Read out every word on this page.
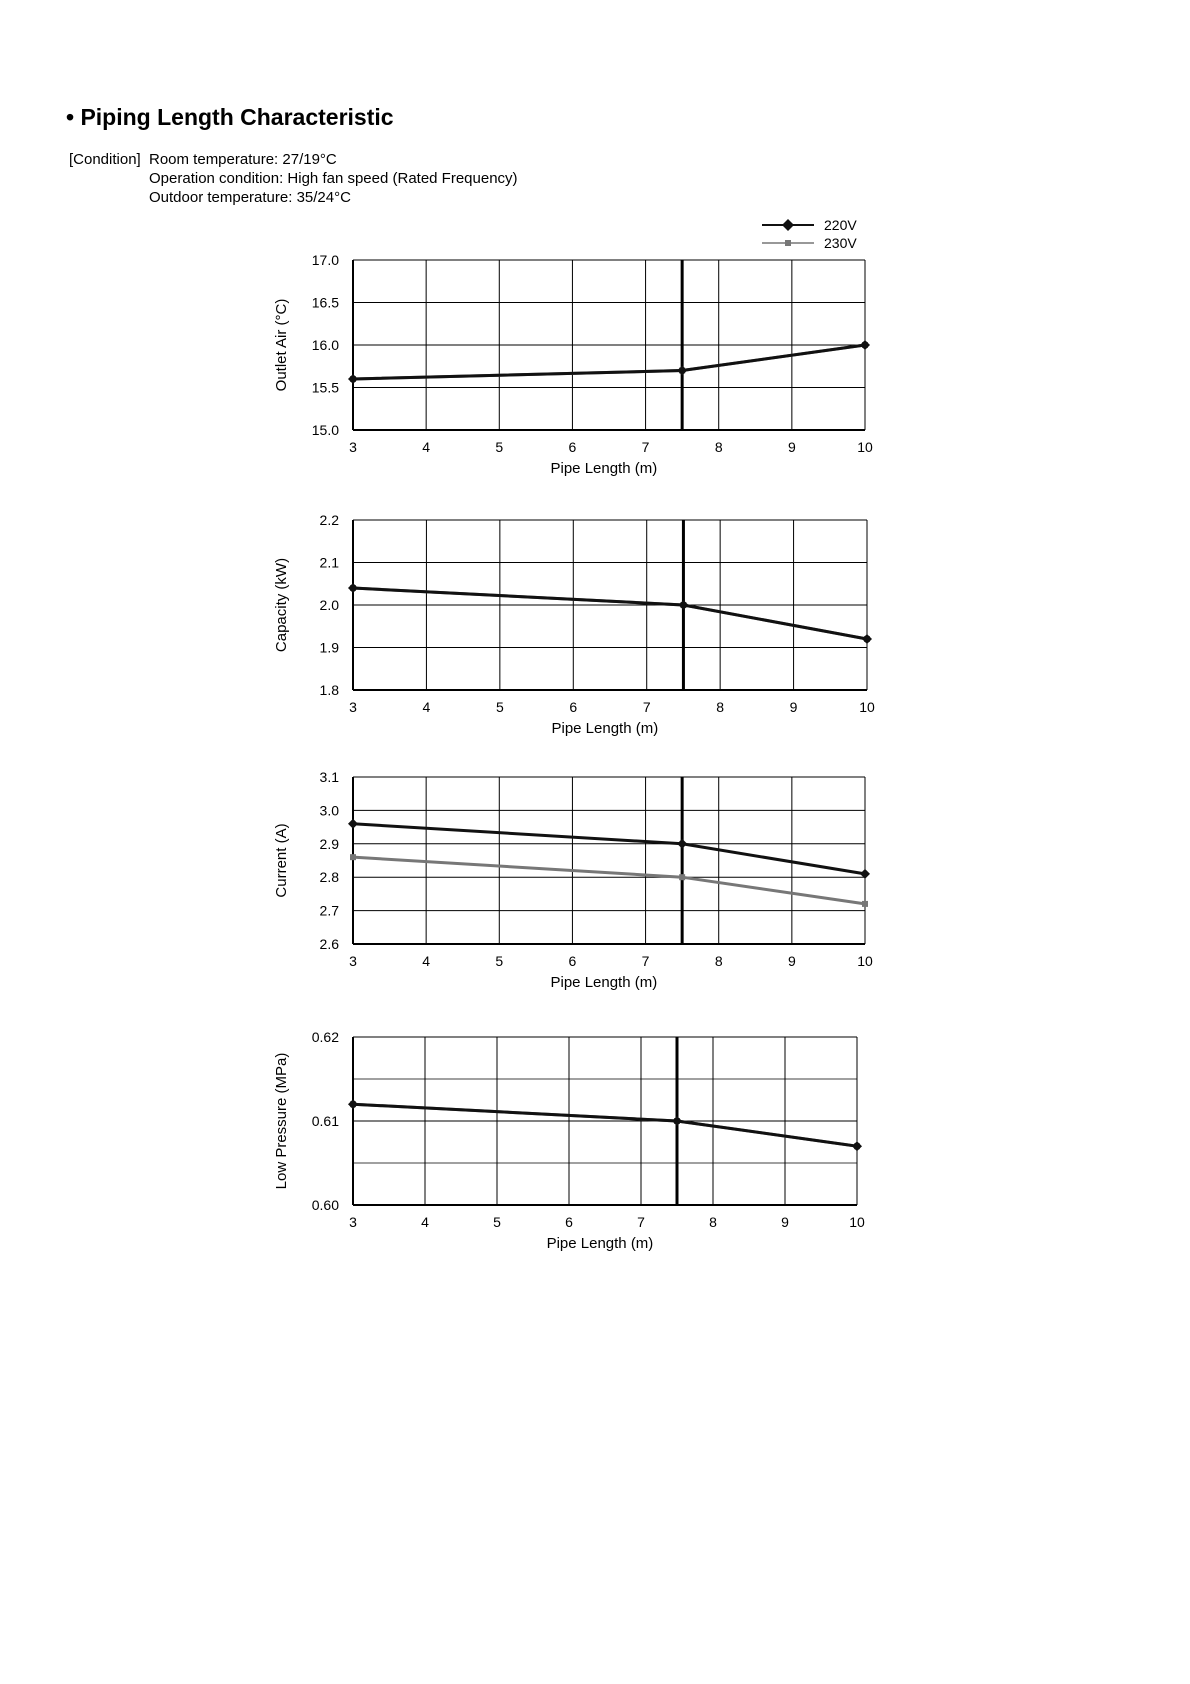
• Piping Length Characteristic
[Condition] Room temperature: 27/19°C
Operation condition: High fan speed (Rated Frequency)
Outdoor temperature: 35/24°C
220V
230V
15.0
15.5
16.0
16.5
17.0
3	4	5	6	7	8	9	10
Pipe Length (m)
Outlet Air (°C)
1.8
1.9
2.0
2.1
2.2
3	4	5	6	7	8	9	10
Pipe Length (m)
Capacity (kW)
2.6
2.7
2.8
2.9
3.0
3.1
3	4	5	6	7	8	9	10
Pipe Length (m)
Current (A)
0.60
0.61
0.62
3	4	5	6	7	8	9	10
Pipe Length (m)
Low Pressure (MPa)
